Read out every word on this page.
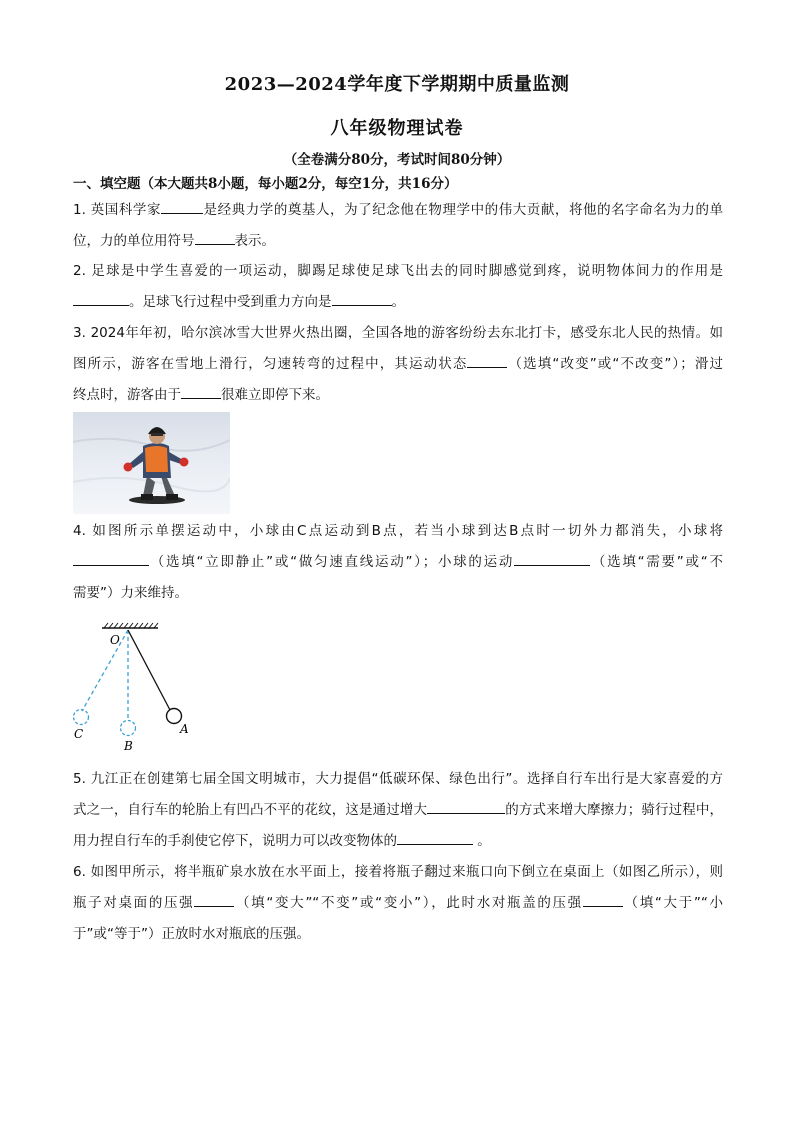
2023—2024学年度下学期期中质量监测
八年级物理试卷
（全卷满分80分，考试时间80分钟）
一、填空题（本大题共8小题，每小题2分，每空1分，共16分）
1. 英国科学家	是经典力学的奠基人，为了纪念他在物理学中的伟大贡献，将他的名字命名为力的单
位，力的单位用符号	表示。
2. 足球是中学生喜爱的一项运动，脚踢足球使足球飞出去的同时脚感觉到疼，说明物体间力的作用是
。足球飞行过程中受到重力方向是	。
3. 2024年年初，哈尔滨冰雪大世界火热出圈，全国各地的游客纷纷去东北打卡，感受东北人民的热情。如
图所示，游客在雪地上滑行，匀速转弯的过程中，其运动状态	（选填“改变”或“不改变”）；滑过
终点时，游客由于	很难立即停下来。
4. 如图所示单摆运动中，小球由C点运动到B点，若当小球到达B点时一切外力都消失，小球将
（选填“立即静止”或“做匀速直线运动”）；小球的运动	（选填“需要”或“不
需要”）力来维持。
O
A
B
C
5. 九江正在创建第七届全国文明城市，大力提倡“低碳环保、绿色出行”。选择自行车出行是大家喜爱的方
式之一，自行车的轮胎上有凹凸不平的花纹，这是通过增大	的方式来增大摩擦力；骑行过程中，
用力捏自行车的手刹使它停下，说明力可以改变物体的	。
6. 如图甲所示，将半瓶矿泉水放在水平面上，接着将瓶子翻过来瓶口向下倒立在桌面上（如图乙所示），则
瓶子对桌面的压强	（填“变大”“不变”或“变小”），此时水对瓶盖的压强	（填“大于”“小
于”或“等于”）正放时水对瓶底的压强。
